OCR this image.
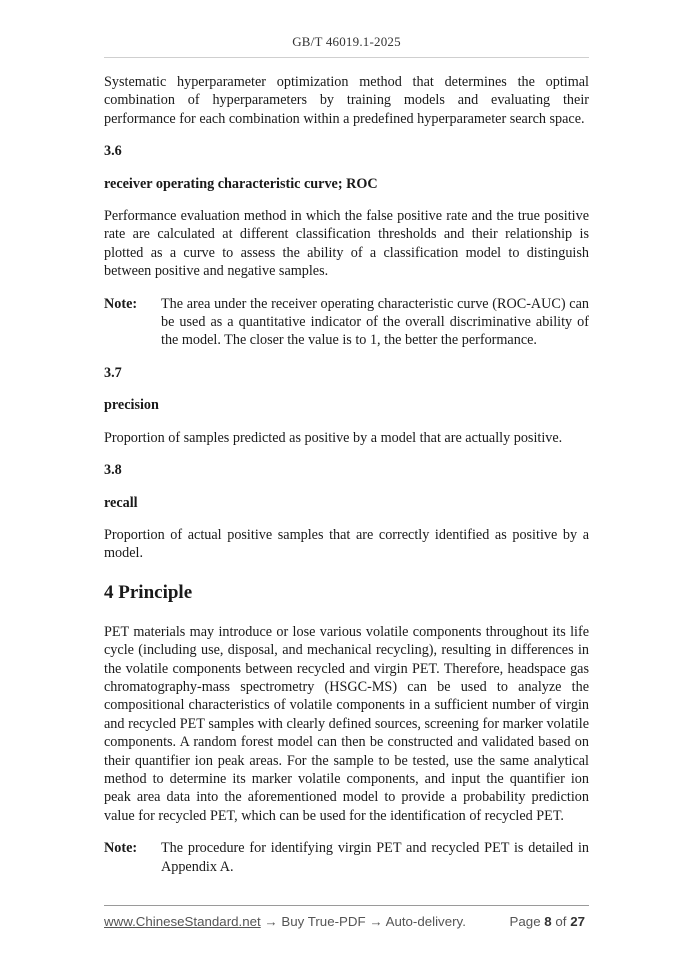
GB/T 46019.1-2025

Systematic hyperparameter optimization method that determines the optimal combination of hyperparameters by training models and evaluating their performance for each combination within a predefined hyperparameter search space.

3.6

receiver operating characteristic curve; ROC

Performance evaluation method in which the false positive rate and the true positive rate are calculated at different classification thresholds and their relationship is plotted as a curve to assess the ability of a classification model to distinguish between positive and negative samples.

Note:	The area under the receiver operating characteristic curve (ROC-AUC) can be used as a quantitative indicator of the overall discriminative ability of the model. The closer the value is to 1, the better the performance.

3.7

precision

Proportion of samples predicted as positive by a model that are actually positive.

3.8

recall

Proportion of actual positive samples that are correctly identified as positive by a model.

4 Principle

PET materials may introduce or lose various volatile components throughout its life cycle (including use, disposal, and mechanical recycling), resulting in differences in the volatile components between recycled and virgin PET. Therefore, headspace gas chromatography-mass spectrometry (HSGC-MS) can be used to analyze the compositional characteristics of volatile components in a sufficient number of virgin and recycled PET samples with clearly defined sources, screening for marker volatile components. A random forest model can then be constructed and validated based on their quantifier ion peak areas. For the sample to be tested, use the same analytical method to determine its marker volatile components, and input the quantifier ion peak area data into the aforementioned model to provide a probability prediction value for recycled PET, which can be used for the identification of recycled PET.

Note:	The procedure for identifying virgin PET and recycled PET is detailed in Appendix A.
www.ChineseStandard.net → Buy True-PDF → Auto-delivery.	Page 8 of 27
